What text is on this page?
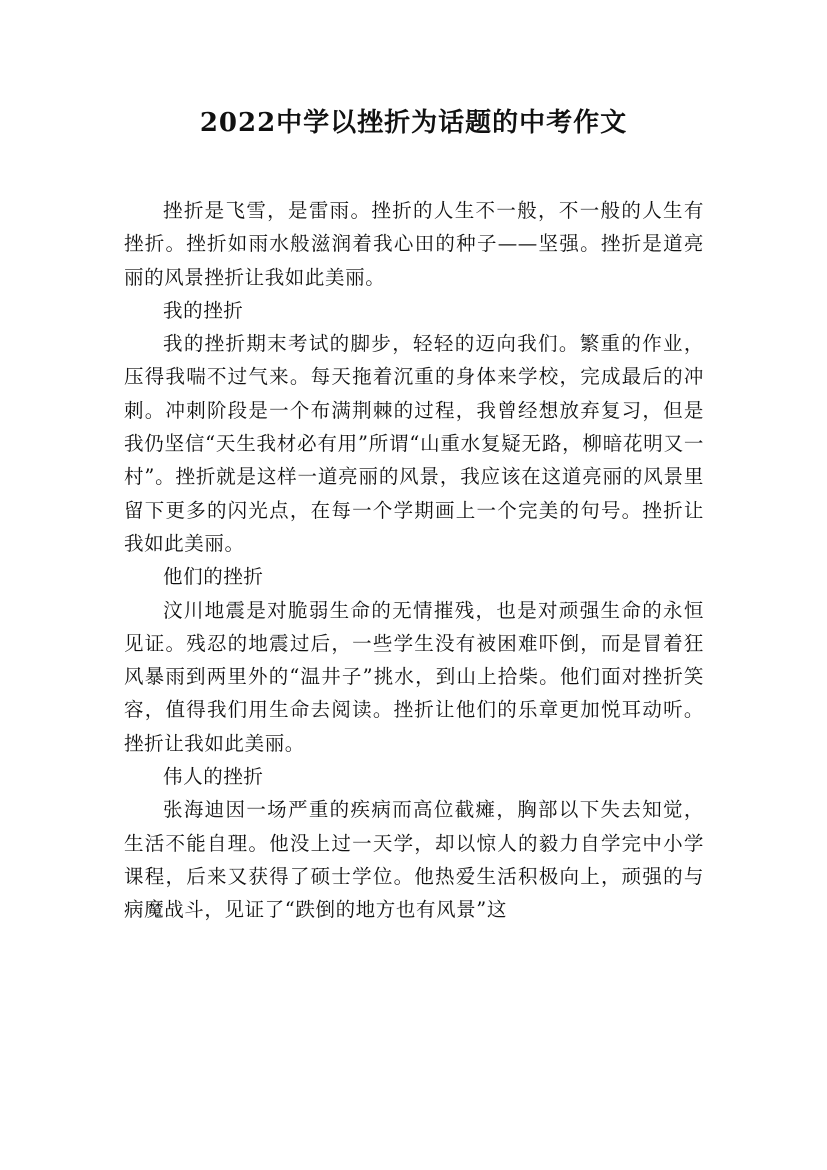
2022中学以挫折为话题的中考作文

挫折是飞雪，是雷雨。挫折的人生不一般，不一般的人生有挫折。挫折如雨水般滋润着我心田的种子——坚强。挫折是道亮丽的风景挫折让我如此美丽。

我的挫折

我的挫折期末考试的脚步，轻轻的迈向我们。繁重的作业，压得我喘不过气来。每天拖着沉重的身体来学校，完成最后的冲刺。冲刺阶段是一个布满荆棘的过程，我曾经想放弃复习，但是我仍坚信“天生我材必有用”所谓“山重水复疑无路，柳暗花明又一村”。挫折就是这样一道亮丽的风景，我应该在这道亮丽的风景里留下更多的闪光点，在每一个学期画上一个完美的句号。挫折让我如此美丽。

他们的挫折

汶川地震是对脆弱生命的无情摧残，也是对顽强生命的永恒见证。残忍的地震过后，一些学生没有被困难吓倒，而是冒着狂风暴雨到两里外的“温井子”挑水，到山上拾柴。他们面对挫折笑容，值得我们用生命去阅读。挫折让他们的乐章更加悦耳动听。挫折让我如此美丽。

伟人的挫折

张海迪因一场严重的疾病而高位截瘫，胸部以下失去知觉，生活不能自理。他没上过一天学，却以惊人的毅力自学完中小学课程，后来又获得了硕士学位。他热爱生活积极向上，顽强的与病魔战斗，见证了“跌倒的地方也有风景”这
